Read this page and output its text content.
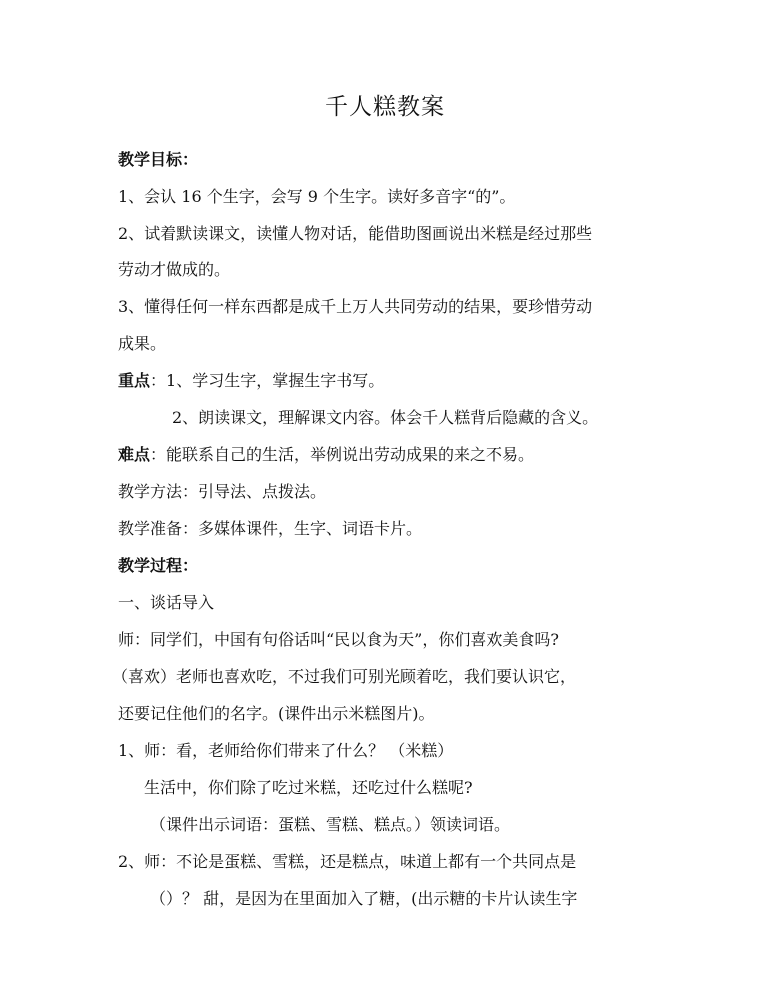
千人糕教案
教学目标：
1、会认 16 个生字，会写 9 个生字。读好多音字“的”。
2、试着默读课文，读懂人物对话，能借助图画说出米糕是经过那些
劳动才做成的。
3、懂得任何一样东西都是成千上万人共同劳动的结果，要珍惜劳动
成果。
重点：1、学习生字，掌握生字书写。
2、朗读课文，理解课文内容。体会千人糕背后隐藏的含义。
难点：能联系自己的生活，举例说出劳动成果的来之不易。
教学方法：引导法、点拨法。
教学准备：多媒体课件，生字、词语卡片。
教学过程：
一、谈话导入
师：同学们，中国有句俗话叫“民以食为天”，你们喜欢美食吗?
（喜欢）老师也喜欢吃，不过我们可别光顾着吃，我们要认识它，
还要记住他们的名字。(课件出示米糕图片)。
1、师：看，老师给你们带来了什么？ （米糕）
生活中，你们除了吃过米糕，还吃过什么糕呢?
（课件出示词语：蛋糕、雪糕、糕点。）领读词语。
2、师：不论是蛋糕、雪糕，还是糕点，味道上都有一个共同点是
（）？ 甜，是因为在里面加入了糖，(出示糖的卡片认读生字
